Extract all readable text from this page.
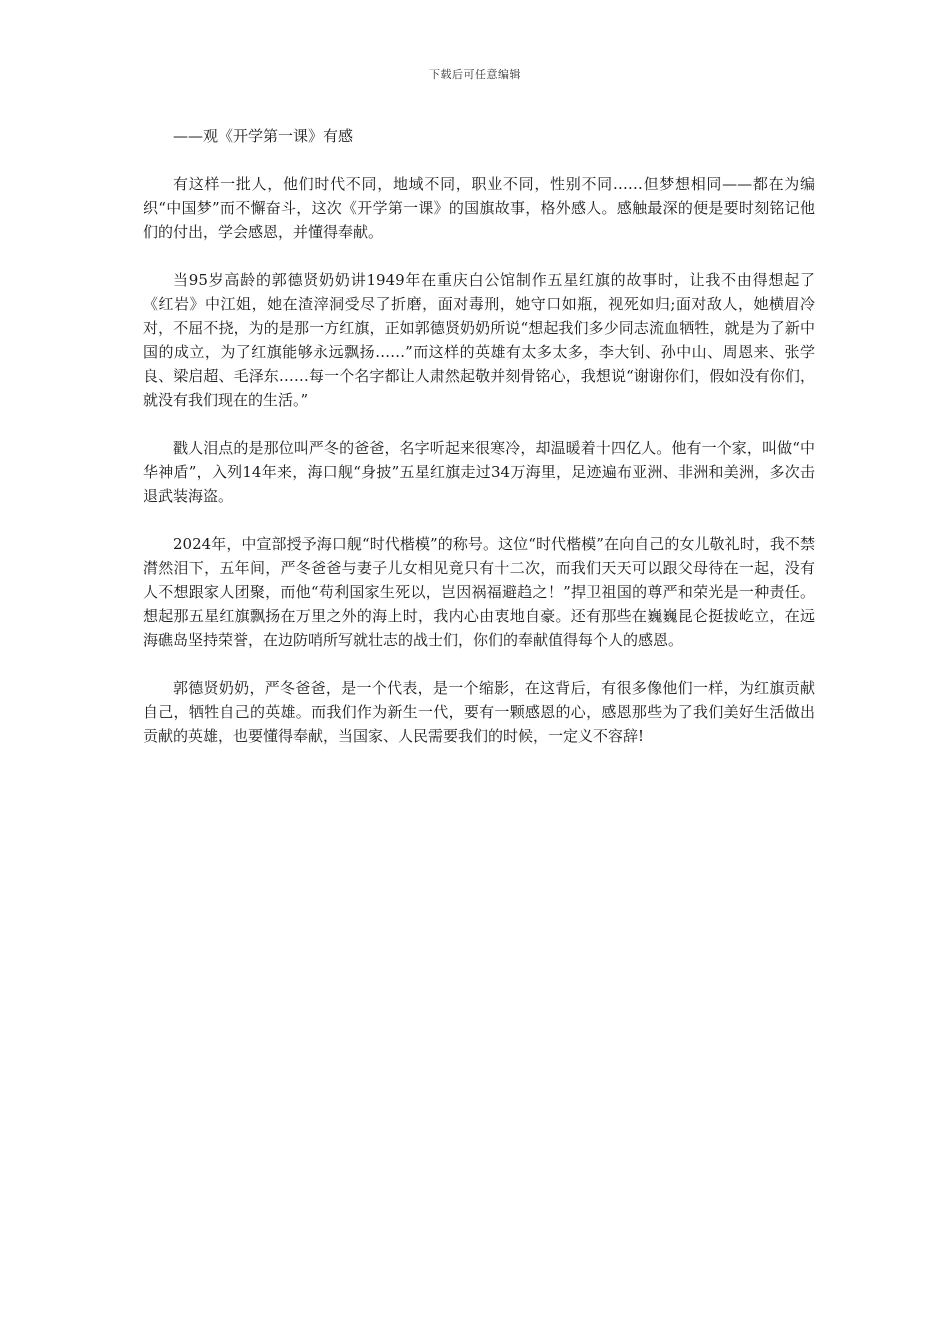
下载后可任意编辑

——观《开学第一课》有感

有这样一批人，他们时代不同，地域不同，职业不同，性别不同……但梦想相同——都在为编织“中国梦”而不懈奋斗，这次《开学第一课》的国旗故事，格外感人。感触最深的便是要时刻铭记他们的付出，学会感恩，并懂得奉献。

当95岁高龄的郭德贤奶奶讲1949年在重庆白公馆制作五星红旗的故事时，让我不由得想起了《红岩》中江姐，她在渣滓洞受尽了折磨，面对毒刑，她守口如瓶，视死如归;面对敌人，她横眉冷对，不屈不挠，为的是那一方红旗，正如郭德贤奶奶所说“想起我们多少同志流血牺牲，就是为了新中国的成立，为了红旗能够永远飘扬……”而这样的英雄有太多太多，李大钊、孙中山、周恩来、张学良、梁启超、毛泽东……每一个名字都让人肃然起敬并刻骨铭心，我想说“谢谢你们，假如没有你们，就没有我们现在的生活。”

戳人泪点的是那位叫严冬的爸爸，名字听起来很寒冷，却温暖着十四亿人。他有一个家，叫做“中华神盾”，入列14年来，海口舰“身披”五星红旗走过34万海里，足迹遍布亚洲、非洲和美洲，多次击退武装海盗。

2024年，中宣部授予海口舰“时代楷模”的称号。这位“时代楷模”在向自己的女儿敬礼时，我不禁潸然泪下，五年间，严冬爸爸与妻子儿女相见竟只有十二次，而我们天天可以跟父母待在一起，没有人不想跟家人团聚，而他“苟利国家生死以，岂因祸福避趋之！”捍卫祖国的尊严和荣光是一种责任。想起那五星红旗飘扬在万里之外的海上时，我内心由衷地自豪。还有那些在巍巍昆仑挺拔屹立，在远海礁岛坚持荣誉，在边防哨所写就壮志的战士们，你们的奉献值得每个人的感恩。

郭德贤奶奶，严冬爸爸，是一个代表，是一个缩影，在这背后，有很多像他们一样，为红旗贡献自己，牺牲自己的英雄。而我们作为新生一代，要有一颗感恩的心，感恩那些为了我们美好生活做出贡献的英雄，也要懂得奉献，当国家、人民需要我们的时候，一定义不容辞!
